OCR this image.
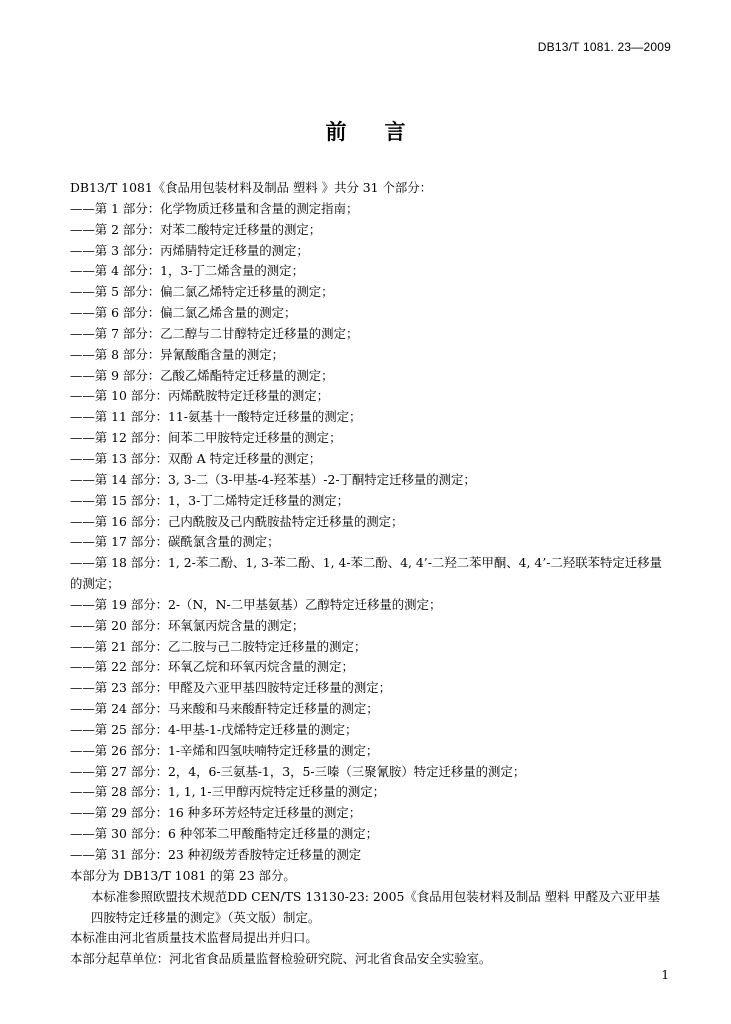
DB13/T 1081. 23—2009
前言

DB13/T 1081《食品用包装材料及制品 塑料 》共分 31 个部分：

——第 1 部分：化学物质迁移量和含量的测定指南；

——第 2 部分：对苯二酸特定迁移量的测定；

——第 3 部分：丙烯腈特定迁移量的测定；

——第 4 部分：1，3-丁二烯含量的测定；

——第 5 部分：偏二氯乙烯特定迁移量的测定；

——第 6 部分：偏二氯乙烯含量的测定；

——第 7 部分：乙二醇与二甘醇特定迁移量的测定；

——第 8 部分：异氰酸酯含量的测定；

——第 9 部分：乙酸乙烯酯特定迁移量的测定；

——第 10 部分：丙烯酰胺特定迁移量的测定；

——第 11 部分：11-氨基十一酸特定迁移量的测定；

——第 12 部分：间苯二甲胺特定迁移量的测定；

——第 13 部分：双酚 A 特定迁移量的测定；

——第 14 部分：3, 3-二（3-甲基-4-羟苯基）-2-丁酮特定迁移量的测定；

——第 15 部分：1，3-丁二烯特定迁移量的测定；

——第 16 部分：己内酰胺及己内酰胺盐特定迁移量的测定；

——第 17 部分：碳酰氯含量的测定；

——第 18 部分：1, 2-苯二酚、1, 3-苯二酚、1, 4-苯二酚、4, 4’-二羟二苯甲酮、4, 4’-二羟联苯特定迁移量的测定；

——第 19 部分：2-（N，N-二甲基氨基）乙醇特定迁移量的测定；

——第 20 部分：环氧氯丙烷含量的测定；

——第 21 部分：乙二胺与己二胺特定迁移量的测定；

——第 22 部分：环氧乙烷和环氧丙烷含量的测定；

——第 23 部分：甲醛及六亚甲基四胺特定迁移量的测定；

——第 24 部分：马来酸和马来酸酐特定迁移量的测定；

——第 25 部分：4-甲基-1-戊烯特定迁移量的测定；

——第 26 部分：1-辛烯和四氢呋喃特定迁移量的测定；

——第 27 部分：2，4，6-三氨基-1，3，5-三嗪（三聚氰胺）特定迁移量的测定；

——第 28 部分：1, 1, 1-三甲醇丙烷特定迁移量的测定；

——第 29 部分：16 种多环芳烃特定迁移量的测定；

——第 30 部分：6 种邻苯二甲酸酯特定迁移量的测定；

——第 31 部分：23 种初级芳香胺特定迁移量的测定

本部分为 DB13/T 1081 的第 23 部分。

本标准参照欧盟技术规范DD CEN/TS 13130-23: 2005《食品用包装材料及制品 塑料 甲醛及六亚甲基四胺特定迁移量的测定》（英文版）制定。

本标准由河北省质量技术监督局提出并归口。

本部分起草单位：河北省食品质量监督检验研究院、河北省食品安全实验室。

1
